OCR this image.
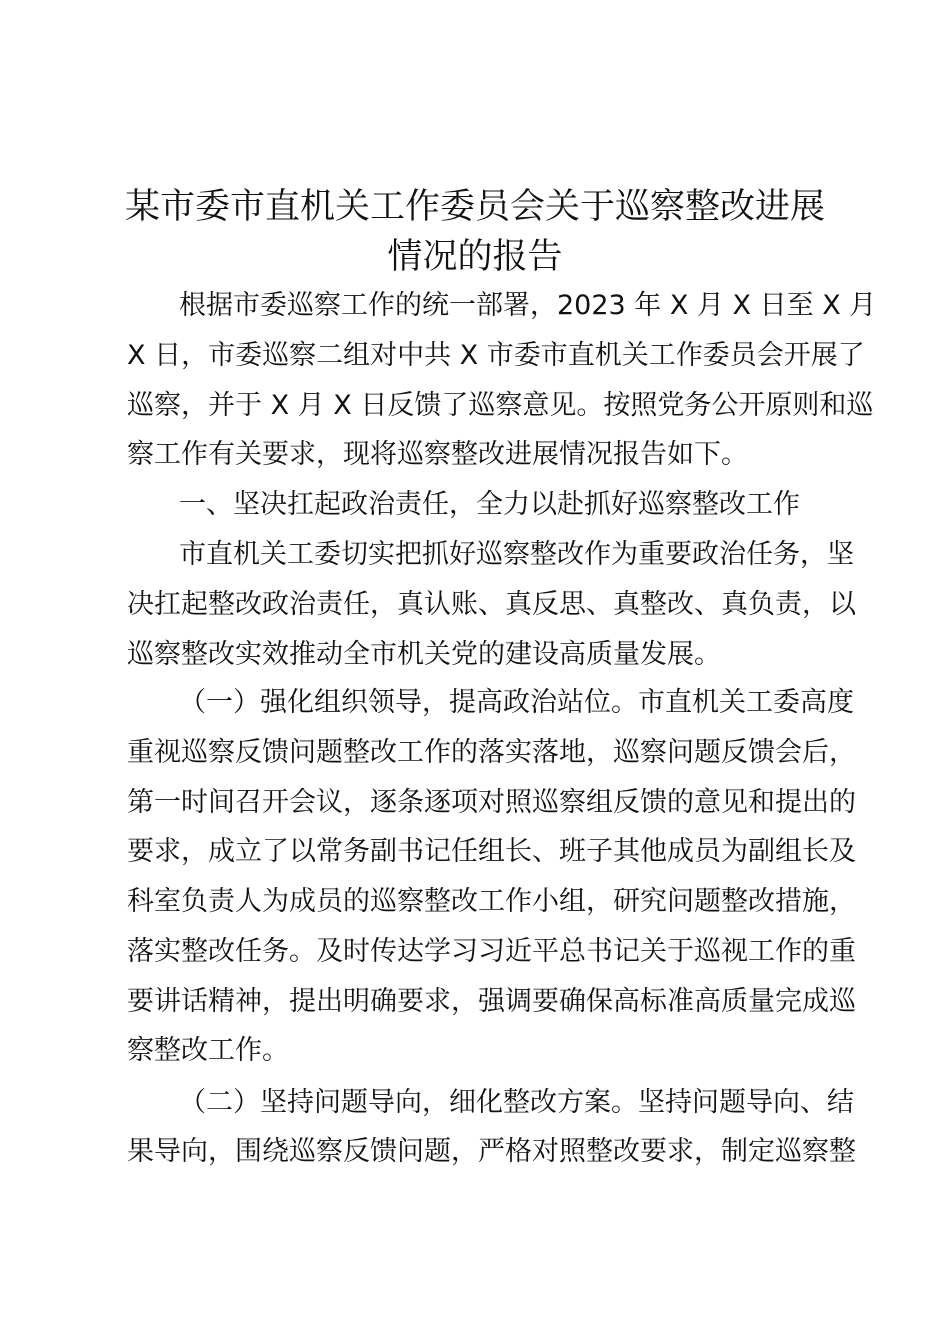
某市委市直机关工作委员会关于巡察整改进展
情况的报告

根据市委巡察工作的统一部署，2023 年 X 月 X 日至 X 月

X 日，市委巡察二组对中共 X 市委市直机关工作委员会开展了

巡察，并于 X 月 X 日反馈了巡察意见。按照党务公开原则和巡

察工作有关要求，现将巡察整改进展情况报告如下。

一、坚决扛起政治责任，全力以赴抓好巡察整改工作

市直机关工委切实把抓好巡察整改作为重要政治任务，坚

决扛起整改政治责任，真认账、真反思、真整改、真负责，以

巡察整改实效推动全市机关党的建设高质量发展。

（一）强化组织领导，提高政治站位。市直机关工委高度

重视巡察反馈问题整改工作的落实落地，巡察问题反馈会后，

第一时间召开会议，逐条逐项对照巡察组反馈的意见和提出的

要求，成立了以常务副书记任组长、班子其他成员为副组长及

科室负责人为成员的巡察整改工作小组，研究问题整改措施，

落实整改任务。及时传达学习习近平总书记关于巡视工作的重

要讲话精神，提出明确要求，强调要确保高标准高质量完成巡

察整改工作。

（二）坚持问题导向，细化整改方案。坚持问题导向、结

果导向，围绕巡察反馈问题，严格对照整改要求，制定巡察整
